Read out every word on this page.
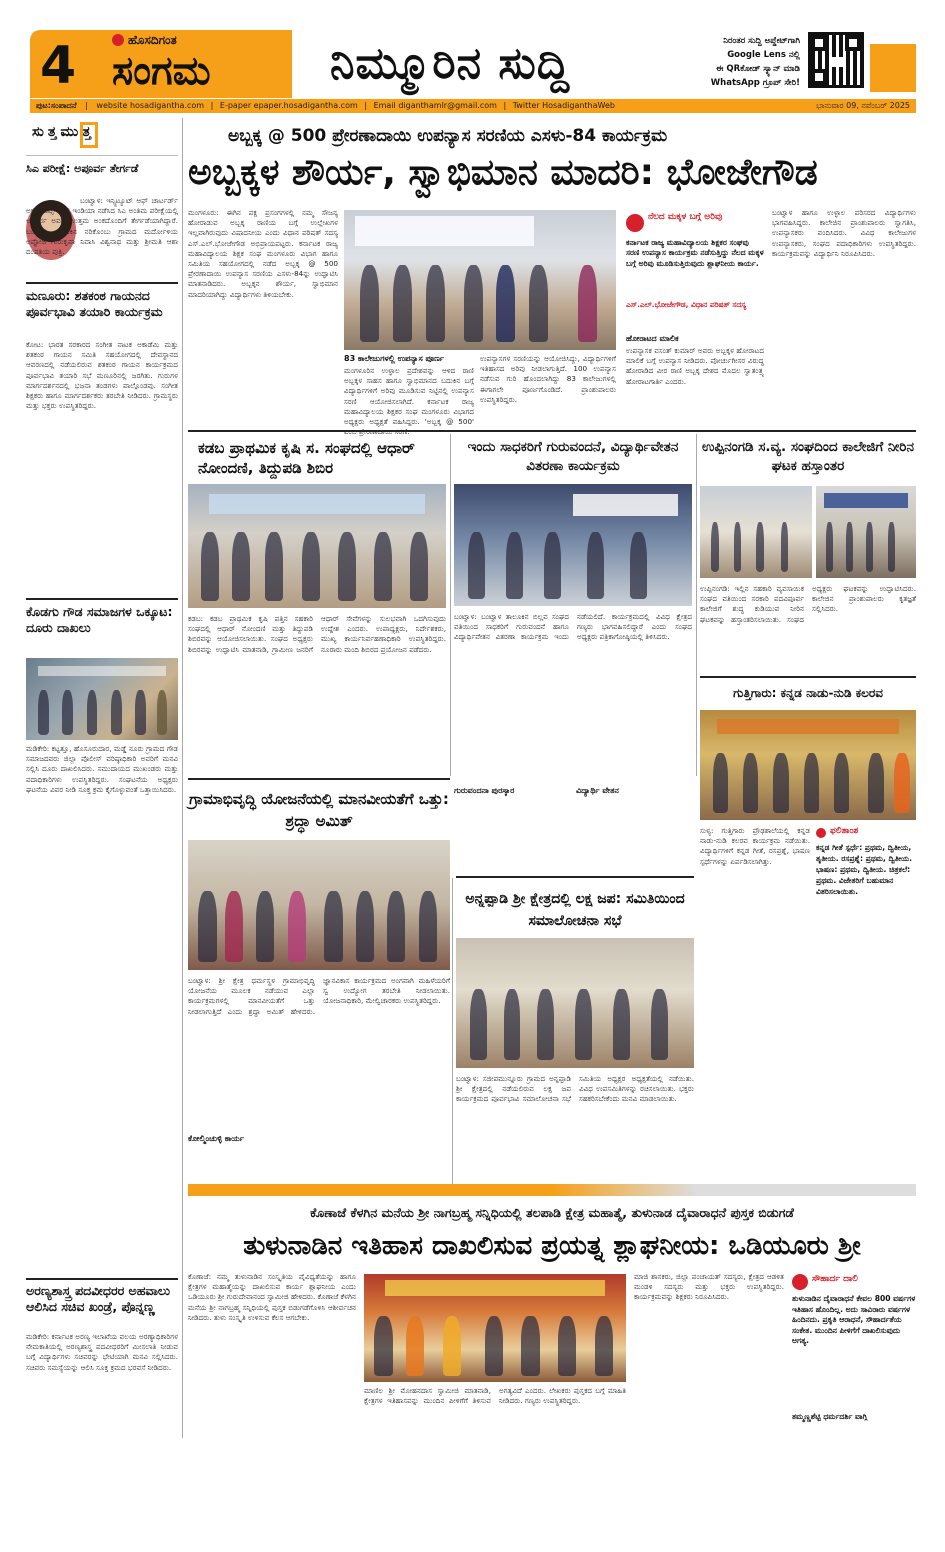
4	ಹೊಸದಿಗಂತ
ಸಂಗಮ	ನಿಮ್ಮೂರಿನ ಸುದ್ದಿ	ನಿರಂತರ ಸುದ್ದಿ ಅಪ್ಡೇಟ್‌ಗಾಗಿ
Google Lens ನಲ್ಲಿ
ಈ QRಕೋಡ್ ಸ್ಕ್ಯಾನ್ ಮಾಡಿ
WhatsApp ಗ್ರೂಪ್ ಸೇರಿ!
ಪುಟ:ಸಂಪಾದನೆ | website hosadigantha.com | E-paper epaper.hosadigantha.com | Email diganthamlr@gmail.com | Twitter HosadiganthaWeb	ಭಾನುವಾರ 09, ನವೆಂಬರ್ 2025
ಸುತ್ತಮುತ್ತ
ಸಿಎ ಪರೀಕ್ಷೆ: ಅಪೂರ್ವ ತೇರ್ಗಡೆ
ಬಂಟ್ವಾಳ: ಇನ್ಸ್ಟಿಟ್ಯೂಟ್ ಆಫ್ ಚಾರ್ಟರ್ಡ್ ಅಕೌಂಟೆಂಟ್ಸ್ ಆಫ್ ಇಂಡಿಯಾ ನಡೆಸಿದ ಸಿಎ ಅಂತಿಮ ಪರೀಕ್ಷೆಯಲ್ಲಿ ಅಪೂರ್ವ ಅವರು ಉತ್ತಮ ಅಂಕದೊಂದಿಗೆ ತೇರ್ಗಡೆಯಾಗಿದ್ದಾರೆ. ಬಂಟ್ವಾಳ ತಾಲೂಕಿನ ನರಿಕೊಂಬು ಗ್ರಾಮದ ಮರ್ದೋಳಿಯ ಅಪ್ಪೋಜಿ ಗುರುಕೃಪಾ ನಿವಾಸಿ ವಿಶ್ವನಾಥ ಮತ್ತು ಶ್ರೀಮತಿ ಆಶಾ ದಂಪತಿಯ ಪುತ್ರಿ.
ಮಣೂರು: ಶತಕಂಠ ಗಾಯನದ ಪೂರ್ವಭಾವಿ ತಯಾರಿ ಕಾರ್ಯಕ್ರಮ
ಕೋಟ: ಭಾರತ ಸರಕಾರದ ಸಂಗೀತ ನಾಟಕ ಅಕಾಡೆಮಿ ಮತ್ತು ಶತಕಂಠ ಗಾಯನ ಸಮಿತಿ ಸಹಯೋಗದಲ್ಲಿ ದೇವಸ್ಥಾನದ ಆವರಣದಲ್ಲಿ ನಡೆಯಲಿರುವ ಶತಕಂಠ ಗಾಯನ ಕಾರ್ಯಕ್ರಮದ ಪೂರ್ವಭಾವಿ ತಯಾರಿ ಸಭೆ ಮಣೂರಿನಲ್ಲಿ ಜರಗಿತು. ಗುರುಗಳ ಮಾರ್ಗದರ್ಶನದಲ್ಲಿ ಭಜನಾ ತಂಡಗಳು ಪಾಲ್ಗೊಂಡವು. ಸಂಗೀತ ಶಿಕ್ಷಕರು ಹಾಗೂ ಮಾರ್ಗದರ್ಶಕರು ತರಬೇತಿ ನೀಡಿದರು. ಗ್ರಾಮಸ್ಥರು ಮತ್ತು ಭಕ್ತರು ಉಪಸ್ಥಿತರಿದ್ದರು.
ಕೊಡಗು ಗೌಡ ಸಮಾಜಗಳ ಒಕ್ಕೂಟ: ದೂರು ದಾಖಲು
ಮಡಿಕೇರಿ: ಕಟ್ಟತ್ತೂ, ಹೊಸೂರುದಾರ, ಮಡ್ಡೆ ನೂರು ಗ್ರಾಮದ ಗೌಡ ಸಮಾಜದವರು ಜಿಲ್ಲಾ ಪೊಲೀಸ್ ವರಿಷ್ಠಾಧಿಕಾರಿ ಅವರಿಗೆ ಮನವಿ ಸಲ್ಲಿಸಿ ದೂರು ದಾಖಲಿಸಿದರು. ಸಮುದಾಯದ ಮುಖಂಡರು ಮತ್ತು ಪದಾಧಿಕಾರಿಗಳು ಉಪಸ್ಥಿತರಿದ್ದರು. ಸಂಘಟನೆಯ ಅಧ್ಯಕ್ಷರು ಘಟನೆಯ ವಿವರ ನೀಡಿ ಸೂಕ್ತ ಕ್ರಮ ಕೈಗೊಳ್ಳುವಂತೆ ಒತ್ತಾಯಿಸಿದರು.
ಅರಣ್ಯಶಾಸ್ತ್ರ ಪದವೀಧರರ ಅಹವಾಲು ಆಲಿಸಿದ ಸಚಿವ ಖಂಡ್ರೆ, ಪೊನ್ನಣ್ಣ
ಮಡಿಕೇರಿ: ಕರ್ನಾಟಕ ಅರಣ್ಯ ಇಲಾಖೆಯ ವಲಯ ಅರಣ್ಯಾಧಿಕಾರಿಗಳ ನೇಮಕಾತಿಯಲ್ಲಿ ಅರಣ್ಯಶಾಸ್ತ್ರ ಪದವೀಧರರಿಗೆ ಮೀಸಲಾತಿ ನೀಡುವ ಬಗ್ಗೆ ವಿದ್ಯಾರ್ಥಿಗಳು ಸಚಿವರನ್ನು ಭೇಟಿಯಾಗಿ ಮನವಿ ಸಲ್ಲಿಸಿದರು. ಸಚಿವರು ಸಮಸ್ಯೆಯನ್ನು ಆಲಿಸಿ ಸೂಕ್ತ ಕ್ರಮದ ಭರವಸೆ ನೀಡಿದರು.
ಅಬ್ಬಕ್ಕ @ 500 ಪ್ರೇರಣಾದಾಯಿ ಉಪನ್ಯಾಸ ಸರಣಿಯ ಎಸಳು-84 ಕಾರ್ಯಕ್ರಮ
ಅಬ್ಬಕ್ಕಳ ಶೌರ್ಯ, ಸ್ವಾಭಿಮಾನ ಮಾದರಿ: ಭೋಜೇಗೌಡ
ಮಂಗಳೂರು: ಈಗಿನ ಪಕ್ಷ ಪ್ರಸಂಗಗಳಲ್ಲಿ ನಮ್ಮ ಸೌಜನ್ಯ ಹೋರಾಡುವ ಅಬ್ಬಕ್ಕ ರಾಣಿಯ ಬಗ್ಗೆ ಉಲ್ಲೇಖಗಳ ಇಲ್ಲವಾಗಿರುವುದು ವಿಷಾದನೀಯ ಎಂದು ವಿಧಾನ ಪರಿಷತ್ ಸದಸ್ಯ ಎಸ್.ಎಲ್.ಭೋಜೇಗೌಡ ಅಭಿಪ್ರಾಯಪಟ್ಟರು. ಕರ್ನಾಟಕ ರಾಜ್ಯ ಮಹಾವಿದ್ಯಾಲಯ ಶಿಕ್ಷಕ ಸಂಘ ಮಂಗಳೂರು ವಿಭಾಗ ಹಾಗೂ ಸಮಿತಿಯ ಸಹಯೋಗದಲ್ಲಿ ನಡೆದ ಅಬ್ಬಕ್ಕ @ 500 ಪ್ರೇರಣಾದಾಯಿ ಉಪನ್ಯಾಸ ಸರಣಿಯ ಎಸಳು-84ನ್ನು ಉದ್ಘಾಟಿಸಿ ಮಾತನಾಡಿದರು. ಅಬ್ಬಕ್ಕನ ಶೌರ್ಯ, ಸ್ವಾಭಿಮಾನ ಮಾದರಿಯಾಗಿದ್ದು ವಿದ್ಯಾರ್ಥಿಗಳು ತಿಳಿಯಬೇಕು.
83 ಕಾಲೇಜುಗಳಲ್ಲಿ ಉಪನ್ಯಾಸ ಪೂರ್ಣ
ಮಂಗಳೂರಿನ ಉಳ್ಳಾಲ ಪ್ರದೇಶವನ್ನು ಆಳಿದ ರಾಣಿ ಅಬ್ಬಕ್ಕಳ ಸಾಹಸ ಹಾಗೂ ಸ್ವಾಭಿಮಾನದ ಬದುಕಿನ ಬಗ್ಗೆ ವಿದ್ಯಾರ್ಥಿಗಳಿಗೆ ಅರಿವು ಮೂಡಿಸುವ ನಿಟ್ಟಿನಲ್ಲಿ ಉಪನ್ಯಾಸ ಸರಣಿ ಆಯೋಜಿಸಲಾಗಿದೆ. ಕರ್ನಾಟಕ ರಾಜ್ಯ ಮಹಾವಿದ್ಯಾಲಯ ಶಿಕ್ಷಕರ ಸಂಘ ಮಂಗಳೂರು ವಿಭಾಗದ ಅಧ್ಯಕ್ಷರು ಅಧ್ಯಕ್ಷತೆ ವಹಿಸಿದ್ದರು. 'ಅಬ್ಬಕ್ಕ @ 500'
ಉಪನ್ಯಾಸಗಳ ಸರಣಿಯನ್ನು ಆಯೋಜಿಸಿದ್ದು, ವಿದ್ಯಾರ್ಥಿಗಳಿಗೆ ಇತಿಹಾಸದ ಅರಿವು ನೀಡಲಾಗುತ್ತಿದೆ. 100 ಉಪನ್ಯಾಸ ನಡೆಸುವ ಗುರಿ ಹೊಂದಲಾಗಿದ್ದು 83 ಕಾಲೇಜುಗಳಲ್ಲಿ ಈಗಾಗಲೇ ಪೂರ್ಣಗೊಂಡಿದೆ. ಪ್ರಾಂಶುಪಾಲರು ಉಪಸ್ಥಿತರಿದ್ದರು.
ನೆಲದ ಮಕ್ಕಳ ಬಗ್ಗೆ ಅರಿವು
ಕರ್ನಾಟಕ ರಾಜ್ಯ ಮಹಾವಿದ್ಯಾಲಯ ಶಿಕ್ಷಕರ ಸಂಘವು ಸರಣಿ ಉಪನ್ಯಾಸ ಕಾರ್ಯಕ್ರಮ ನಡೆಸುತ್ತಿದ್ದು ನೆಲದ ಮಕ್ಕಳ ಬಗ್ಗೆ ಅರಿವು ಮೂಡಿಸುತ್ತಿರುವುದು ಶ್ಲಾಘನೀಯ ಕಾರ್ಯ.
ಎಸ್.ಎಲ್.ಭೋಜೇಗೌಡ, ವಿಧಾನ ಪರಿಷತ್ ಸದಸ್ಯ
ಹೋರಾಟದ ಮಾಲಿಕ
ಉಪನ್ಯಾಸಕ ವಸಂತ್ ಕುಮಾರ್ ಅವರು ಅಬ್ಬಕ್ಕಳ ಹೋರಾಟದ ಮಾಲಿಕೆ ಬಗ್ಗೆ ಉಪನ್ಯಾಸ ನೀಡಿದರು. ಪೋರ್ಚುಗೀಸರ ವಿರುದ್ಧ ಹೋರಾಡಿದ ವೀರ ರಾಣಿ ಅಬ್ಬಕ್ಕ ದೇಶದ ಮೊದಲ ಸ್ವಾತಂತ್ರ್ಯ ಹೋರಾಟಗಾರ್ತಿ ಎಂದರು.
ಬಂಟ್ವಾಳ ಹಾಗೂ ಉಳ್ಳಾಲ ಪರಿಸರದ ವಿದ್ಯಾರ್ಥಿಗಳು ಭಾಗವಹಿಸಿದ್ದರು. ಕಾಲೇಜಿನ ಪ್ರಾಂಶುಪಾಲರು ಸ್ವಾಗತಿಸಿ, ಉಪನ್ಯಾಸಕರು ವಂದಿಸಿದರು. ವಿವಿಧ ಕಾಲೇಜುಗಳ ಉಪನ್ಯಾಸಕರು, ಸಂಘದ ಪದಾಧಿಕಾರಿಗಳು ಉಪಸ್ಥಿತರಿದ್ದರು. ಕಾರ್ಯಕ್ರಮವನ್ನು ವಿದ್ಯಾರ್ಥಿನಿ ನಿರೂಪಿಸಿದರು.
ಕಡಬ ಪ್ರಾಥಮಿಕ ಕೃಷಿ ಸ. ಸಂಘದಲ್ಲಿ ಆಧಾರ್ ನೋಂದಣಿ, ತಿದ್ದುಪಡಿ ಶಿಬಿರ
ಕಡಬ: ಕಡಬ ಪ್ರಾಥಮಿಕ ಕೃಷಿ ಪತ್ತಿನ ಸಹಕಾರಿ ಸಂಘದಲ್ಲಿ ಆಧಾರ್ ನೋಂದಣಿ ಮತ್ತು ತಿದ್ದುಪಡಿ ಶಿಬಿರವನ್ನು ಆಯೋಜಿಸಲಾಯಿತು. ಸಂಘದ ಅಧ್ಯಕ್ಷರು ಶಿಬಿರವನ್ನು ಉದ್ಘಾಟಿಸಿ ಮಾತನಾಡಿ, ಗ್ರಾಮೀಣ ಜನರಿಗೆ ಆಧಾರ್ ಸೇವೆಗಳನ್ನು ಸುಲಭವಾಗಿ ಒದಗಿಸುವುದು ಉದ್ದೇಶ ಎಂದರು. ಉಪಾಧ್ಯಕ್ಷರು, ನಿರ್ದೇಶಕರು, ಮುಖ್ಯ ಕಾರ್ಯನಿರ್ವಹಣಾಧಿಕಾರಿ ಉಪಸ್ಥಿತರಿದ್ದರು. ನೂರಾರು ಮಂದಿ ಶಿಬಿರದ ಪ್ರಯೋಜನ ಪಡೆದರು.
ಇಂದು ಸಾಧಕರಿಗೆ ಗುರುವಂದನೆ, ವಿದ್ಯಾರ್ಥಿವೇತನ ವಿತರಣಾ ಕಾರ್ಯಕ್ರಮ
ಬಂಟ್ವಾಳ: ಬಂಟ್ವಾಳ ತಾಲೂಕಿನ ಬಿಲ್ಲವ ಸಂಘದ ವತಿಯಿಂದ ಸಾಧಕರಿಗೆ ಗುರುವಂದನೆ ಹಾಗೂ ವಿದ್ಯಾರ್ಥಿವೇತನ ವಿತರಣಾ ಕಾರ್ಯಕ್ರಮ ಇಂದು ನಡೆಯಲಿದೆ. ಕಾರ್ಯಕ್ರಮದಲ್ಲಿ ವಿವಿಧ ಕ್ಷೇತ್ರದ ಗಣ್ಯರು ಭಾಗವಹಿಸಲಿದ್ದಾರೆ ಎಂದು ಸಂಘದ ಅಧ್ಯಕ್ಷರು ಪತ್ರಿಕಾಗೋಷ್ಠಿಯಲ್ಲಿ ತಿಳಿಸಿದರು.
ಗುರುವಂದನಾ ಪುರಸ್ಕಾರ	ವಿದ್ಯಾರ್ಥಿ ವೇತನ
ಉಪ್ಪಿನಂಗಡಿ ಸ.ವ್ಯ. ಸಂಘದಿಂದ ಕಾಲೇಜಿಗೆ ನೀರಿನ ಘಟಕ ಹಸ್ತಾಂತರ
ಉಪ್ಪಿನಂಗಡಿ: ಇಲ್ಲಿನ ಸಹಕಾರಿ ವ್ಯವಸಾಯಿಕ ಸಂಘದ ವತಿಯಿಂದ ಸರಕಾರಿ ಪದವಿಪೂರ್ವ ಕಾಲೇಜಿಗೆ ಶುದ್ಧ ಕುಡಿಯುವ ನೀರಿನ ಘಟಕವನ್ನು ಹಸ್ತಾಂತರಿಸಲಾಯಿತು. ಸಂಘದ ಅಧ್ಯಕ್ಷರು ಘಟಕವನ್ನು ಉದ್ಘಾಟಿಸಿದರು. ಕಾಲೇಜಿನ ಪ್ರಾಂಶುಪಾಲರು ಕೃತಜ್ಞತೆ ಸಲ್ಲಿಸಿದರು.
ಗುತ್ತಿಗಾರು: ಕನ್ನಡ ನಾಡು-ನುಡಿ ಕಲರವ
ಸುಳ್ಯ: ಗುತ್ತಿಗಾರು ಪ್ರೌಢಶಾಲೆಯಲ್ಲಿ ಕನ್ನಡ ನಾಡು-ನುಡಿ ಕಲರವ ಕಾರ್ಯಕ್ರಮ ನಡೆಯಿತು. ವಿದ್ಯಾರ್ಥಿಗಳಿಗೆ ಕನ್ನಡ ಗೀತೆ, ರಸಪ್ರಶ್ನೆ, ಭಾಷಣ ಸ್ಪರ್ಧೆಗಳನ್ನು ಏರ್ಪಡಿಸಲಾಗಿತ್ತು.
ಫಲಿತಾಂಶ
ಕನ್ನಡ ಗೀತೆ ಸ್ಪರ್ಧೆ: ಪ್ರಥಮ, ದ್ವಿತೀಯ, ತೃತೀಯ. ರಸಪ್ರಶ್ನೆ: ಪ್ರಥಮ, ದ್ವಿತೀಯ. ಭಾಷಣ: ಪ್ರಥಮ, ದ್ವಿತೀಯ. ಚಿತ್ರಕಲೆ: ಪ್ರಥಮ. ವಿಜೇತರಿಗೆ ಬಹುಮಾನ ವಿತರಿಸಲಾಯಿತು.
ಗ್ರಾಮಾಭಿವೃದ್ಧಿ ಯೋಜನೆಯಲ್ಲಿ ಮಾನವೀಯತೆಗೆ ಒತ್ತು: ಶ್ರದ್ಧಾ ಅಮಿತ್
ಬಂಟ್ವಾಳ: ಶ್ರೀ ಕ್ಷೇತ್ರ ಧರ್ಮಸ್ಥಳ ಗ್ರಾಮಾಭಿವೃದ್ಧಿ ಯೋಜನೆಯ ಮೂಲಕ ನಡೆಯುವ ಎಲ್ಲಾ ಕಾರ್ಯಕ್ರಮಗಳಲ್ಲಿ ಮಾನವೀಯತೆಗೆ ಒತ್ತು ನೀಡಲಾಗುತ್ತಿದೆ ಎಂದು ಶ್ರದ್ಧಾ ಅಮಿತ್ ಹೇಳಿದರು. ಜ್ಞಾನವಿಕಾಸ ಕಾರ್ಯಕ್ರಮದ ಅಂಗವಾಗಿ ಮಹಿಳೆಯರಿಗೆ ಸ್ವ ಉದ್ಯೋಗ ತರಬೇತಿ ನೀಡಲಾಯಿತು. ಯೋಜನಾಧಿಕಾರಿ, ಮೇಲ್ವಿಚಾರಕರು ಉಪಸ್ಥಿತರಿದ್ದರು.
ಕೋಲ್ಮಿಂಚುಳ್ಳಿ ಕಾರ್ಯ
ಅನ್ನಪ್ಪಾಡಿ ಶ್ರೀ ಕ್ಷೇತ್ರದಲ್ಲಿ ಲಕ್ಷ ಜಪ: ಸಮಿತಿಯಿಂದ ಸಮಾಲೋಚನಾ ಸಭೆ
ಬಂಟ್ವಾಳ: ಸಜೀಪಮುನ್ನೂರು ಗ್ರಾಮದ ಅನ್ನಪ್ಪಾಡಿ ಶ್ರೀ ಕ್ಷೇತ್ರದಲ್ಲಿ ನಡೆಯಲಿರುವ ಲಕ್ಷ ಜಪ ಕಾರ್ಯಕ್ರಮದ ಪೂರ್ವಭಾವಿ ಸಮಾಲೋಚನಾ ಸಭೆ ಸಮಿತಿಯ ಅಧ್ಯಕ್ಷರ ಅಧ್ಯಕ್ಷತೆಯಲ್ಲಿ ನಡೆಯಿತು. ವಿವಿಧ ಉಪಸಮಿತಿಗಳನ್ನು ರಚಿಸಲಾಯಿತು. ಭಕ್ತರು ಸಹಕರಿಸಬೇಕೆಂದು ಮನವಿ ಮಾಡಲಾಯಿತು.
ಕೊಣಾಜೆ ಕೆಳಗಿನ ಮನೆಯ ಶ್ರೀ ನಾಗಬ್ರಹ್ಮ ಸನ್ನಿಧಿಯಲ್ಲಿ ತಲಪಾಡಿ ಕ್ಷೇತ್ರ ಮಹಾತ್ಮೆ, ತುಳುನಾಡ ದೈವಾರಾಧನೆ ಪುಸ್ತಕ ಬಿಡುಗಡೆ
ತುಳುನಾಡಿನ ಇತಿಹಾಸ ದಾಖಲಿಸುವ ಪ್ರಯತ್ನ ಶ್ಲಾಘನೀಯ: ಒಡಿಯೂರು ಶ್ರೀ
ಕೊಣಾಜೆ: ನಮ್ಮ ತುಳುನಾಡಿನ ಸಂಸ್ಕೃತಿಯ ವೈವಿಧ್ಯತೆಯನ್ನು ಹಾಗೂ ಕ್ಷೇತ್ರಗಳ ಮಹಾತ್ಮೆಯನ್ನು ದಾಖಲಿಸುವ ಕಾರ್ಯ ಶ್ಲಾಘನೀಯ ಎಂದು ಒಡಿಯೂರು ಶ್ರೀ ಗುರುದೇವಾನಂದ ಸ್ವಾಮೀಜಿ ಹೇಳಿದರು. ಕೊಣಾಜೆ ಕೆಳಗಿನ ಮನೆಯ ಶ್ರೀ ನಾಗಬ್ರಹ್ಮ ಸನ್ನಿಧಿಯಲ್ಲಿ ಪುಸ್ತಕ ಬಿಡುಗಡೆಗೊಳಿಸಿ ಆಶೀರ್ವಚನ ನೀಡಿದರು. ತುಳು ಸಂಸ್ಕೃತಿ ಉಳಿಸುವ ಕೆಲಸ ಆಗಬೇಕು.
ಮಾಣಿಲ ಶ್ರೀ ಮೋಹನದಾಸ ಸ್ವಾಮೀಜಿ ಮಾತನಾಡಿ, ಕ್ಷೇತ್ರಗಳ ಇತಿಹಾಸವನ್ನು ಮುಂದಿನ ಪೀಳಿಗೆಗೆ ತಿಳಿಸುವ ಅಗತ್ಯವಿದೆ ಎಂದರು. ಲೇಖಕರು ಪುಸ್ತಕದ ಬಗ್ಗೆ ಮಾಹಿತಿ ನೀಡಿದರು. ಗಣ್ಯರು ಉಪಸ್ಥಿತರಿದ್ದರು.
ಮಾಜಿ ಶಾಸಕರು, ಜಿಲ್ಲಾ ಪಂಚಾಯತ್ ಸದಸ್ಯರು, ಕ್ಷೇತ್ರದ ಆಡಳಿತ ಮಂಡಳಿ ಸದಸ್ಯರು ಮತ್ತು ಭಕ್ತರು ಉಪಸ್ಥಿತರಿದ್ದರು. ಕಾರ್ಯಕ್ರಮವನ್ನು ಶಿಕ್ಷಕರು ನಿರೂಪಿಸಿದರು.
ಸೌಹಾರ್ದ ದಾಲಿ
ತುಳುನಾಡಿನ ದೈವಾರಾಧನೆ ಕೇವಲ 800 ವರ್ಷಗಳ ಇತಿಹಾಸ ಹೊಂದಿಲ್ಲ. ಅದು ಸಾವಿರಾರು ವರ್ಷಗಳ ಹಿಂದಿನದು. ಪ್ರಕೃತಿ ಆರಾಧನೆ, ಸೌಹಾರ್ದತೆಯ ಸಂಕೇತ. ಮುಂದಿನ ಪೀಳಿಗೆಗೆ ದಾಖಲಿಸುವುದು ಅಗತ್ಯ.
ತಮ್ಮಣ್ಣಶೆಟ್ಟಿ ಧರ್ಮದರ್ಶಿ ವಾಗ್ಗಿ
